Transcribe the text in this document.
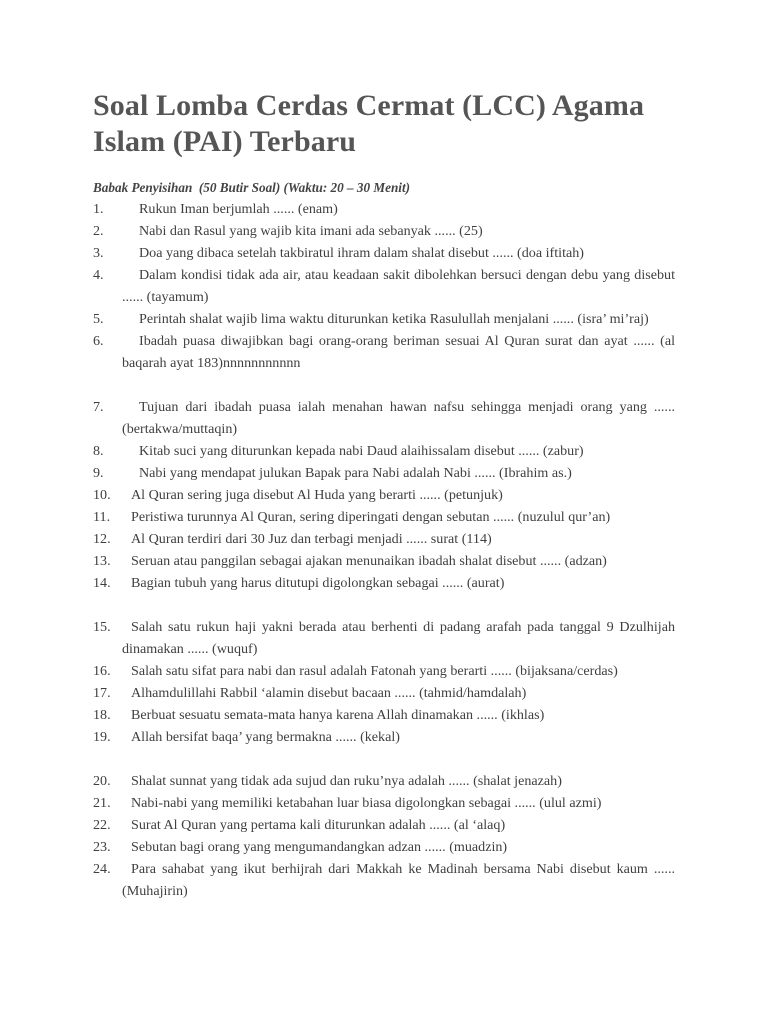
Soal Lomba Cerdas Cermat (LCC) Agama Islam (PAI) Terbaru
Babak Penyisihan  (50 Butir Soal) (Waktu: 20 – 30 Menit)
1.	Rukun Iman berjumlah ...... (enam)
2.	Nabi dan Rasul yang wajib kita imani ada sebanyak ...... (25)
3.	Doa yang dibaca setelah takbiratul ihram dalam shalat disebut ...... (doa iftitah)
4.	Dalam kondisi tidak ada air, atau keadaan sakit dibolehkan bersuci dengan debu yang disebut ...... (tayamum)
5.	Perintah shalat wajib lima waktu diturunkan ketika Rasulullah menjalani ...... (isra’ mi’raj)
6.	Ibadah puasa diwajibkan bagi orang-orang beriman sesuai Al Quran surat dan ayat ...... (al baqarah ayat 183)nnnnnnnnnnn
7.	Tujuan dari ibadah puasa ialah menahan hawan nafsu sehingga menjadi orang yang ...... (bertakwa/muttaqin)
8.	Kitab suci yang diturunkan kepada nabi Daud alaihissalam disebut ...... (zabur)
9.	Nabi yang mendapat julukan Bapak para Nabi adalah Nabi ...... (Ibrahim as.)
10.	Al Quran sering juga disebut Al Huda yang berarti ...... (petunjuk)
11.	Peristiwa turunnya Al Quran, sering diperingati dengan sebutan ...... (nuzulul qur’an)
12.	Al Quran terdiri dari 30 Juz dan terbagi menjadi ...... surat (114)
13.	Seruan atau panggilan sebagai ajakan menunaikan ibadah shalat disebut ...... (adzan)
14.	Bagian tubuh yang harus ditutupi digolongkan sebagai ...... (aurat)
15.	Salah satu rukun haji yakni berada atau berhenti di padang arafah pada tanggal 9 Dzulhijah dinamakan ...... (wuquf)
16.	Salah satu sifat para nabi dan rasul adalah Fatonah yang berarti ...... (bijaksana/cerdas)
17.	Alhamdulillahi Rabbil ‘alamin disebut bacaan ...... (tahmid/hamdalah)
18.	Berbuat sesuatu semata-mata hanya karena Allah dinamakan ...... (ikhlas)
19.	Allah bersifat baqa’ yang bermakna ...... (kekal)
20.	Shalat sunnat yang tidak ada sujud dan ruku’nya adalah ...... (shalat jenazah)
21.	Nabi-nabi yang memiliki ketabahan luar biasa digolongkan sebagai ...... (ulul azmi)
22.	Surat Al Quran yang pertama kali diturunkan adalah ...... (al ‘alaq)
23.	Sebutan bagi orang yang mengumandangkan adzan ...... (muadzin)
24.	Para sahabat yang ikut berhijrah dari Makkah ke Madinah bersama Nabi disebut kaum ...... (Muhajirin)
